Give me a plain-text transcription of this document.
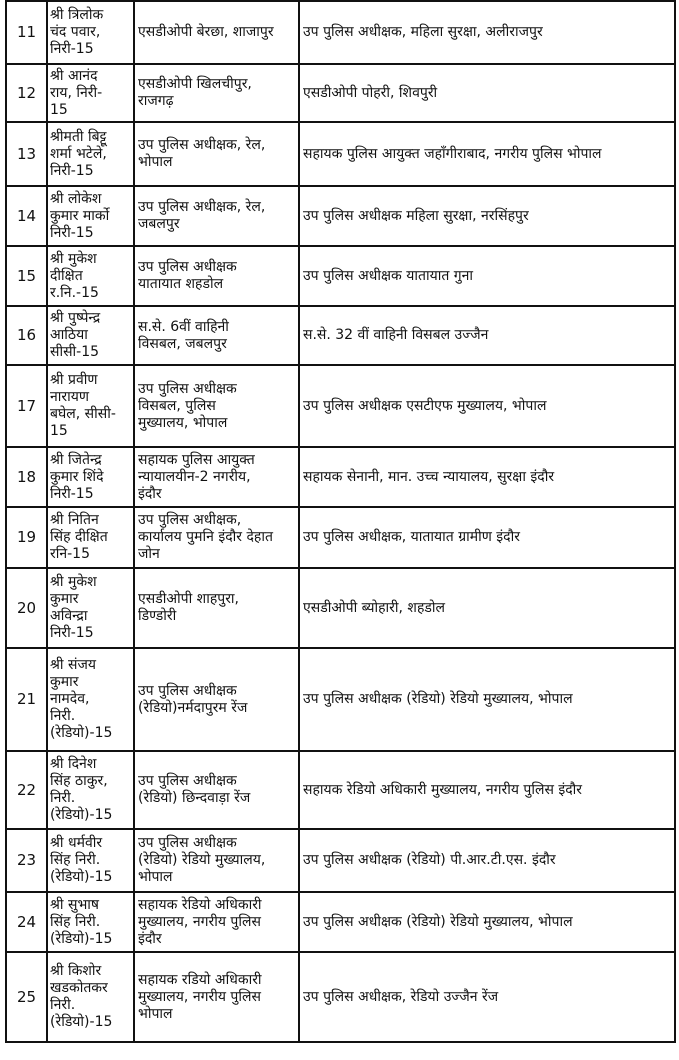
11	श्री त्रिलोक
चंद पवार,
निरी-15	एसडीओपी बेरछा, शाजापुर	उप पुलिस अधीक्षक, महिला सुरक्षा, अलीराजपुर
12	श्री आनंद
राय, निरी-
15	एसडीओपी खिलचीपुर,
राजगढ़	एसडीओपी पोहरी, शिवपुरी
13	श्रीमती बिट्टू
शर्मा भटेले,
निरी-15	उप पुलिस अधीक्षक, रेल,
भोपाल	सहायक पुलिस आयुक्त जहाँगीराबाद, नगरीय पुलिस भोपाल
14	श्री लोकेश
कुमार मार्को
निरी-15	उप पुलिस अधीक्षक, रेल,
जबलपुर	उप पुलिस अधीक्षक महिला सुरक्षा, नरसिंहपुर
15	श्री मुकेश
दीक्षित
र.नि.-15	उप पुलिस अधीक्षक
यातायात शहडोल	उप पुलिस अधीक्षक यातायात गुना
16	श्री पुष्पेन्द्र
आठिया
सीसी-15	स.से. 6वीं वाहिनी
विसबल, जबलपुर	स.से. 32 वीं वाहिनी विसबल उज्जैन
17	श्री प्रवीण
नारायण
बघेल, सीसी-
15	उप पुलिस अधीक्षक
विसबल, पुलिस
मुख्यालय, भोपाल	उप पुलिस अधीक्षक एसटीएफ मुख्यालय, भोपाल
18	श्री जितेन्द्र
कुमार शिंदे
निरी-15	सहायक पुलिस आयुक्त
न्यायालयीन-2 नगरीय,
इंदौर	सहायक सेनानी, मान. उच्च न्यायालय, सुरक्षा इंदौर
19	श्री नितिन
सिंह दीक्षित
रनि-15	उप पुलिस अधीक्षक,
कार्यालय पुमनि इंदौर देहात
जोन	उप पुलिस अधीक्षक, यातायात ग्रामीण इंदौर
20	श्री मुकेश
कुमार
अविन्द्रा
निरी-15	एसडीओपी शाहपुरा,
डिण्डोरी	एसडीओपी ब्योहारी, शहडोल
21	श्री संजय
कुमार
नामदेव,
निरी.
(रेडियो)-15	उप पुलिस अधीक्षक
(रेडियो)नर्मदापुरम रेंज	उप पुलिस अधीक्षक (रेडियो) रेडियो मुख्यालय, भोपाल
22	श्री दिनेश
सिंह ठाकुर,
निरी.
(रेडियो)-15	उप पुलिस अधीक्षक
(रेडियो) छिन्दवाड़ा रेंज	सहायक रेडियो अधिकारी मुख्यालय, नगरीय पुलिस इंदौर
23	श्री धर्मवीर
सिंह निरी.
(रेडियो)-15	उप पुलिस अधीक्षक
(रेडियो) रेडियो मुख्यालय,
भोपाल	उप पुलिस अधीक्षक (रेडियो) पी.आर.टी.एस. इंदौर
24	श्री सुभाष
सिंह निरी.
(रेडियो)-15	सहायक रेडियो अधिकारी
मुख्यालय, नगरीय पुलिस
इंदौर	उप पुलिस अधीक्षक (रेडियो) रेडियो मुख्यालय, भोपाल
25	श्री किशोर
खडकोतकर
निरी.
(रेडियो)-15	सहायक रडियो अधिकारी
मुख्यालय, नगरीय पुलिस
भोपाल	उप पुलिस अधीक्षक, रेडियो उज्जैन रेंज
